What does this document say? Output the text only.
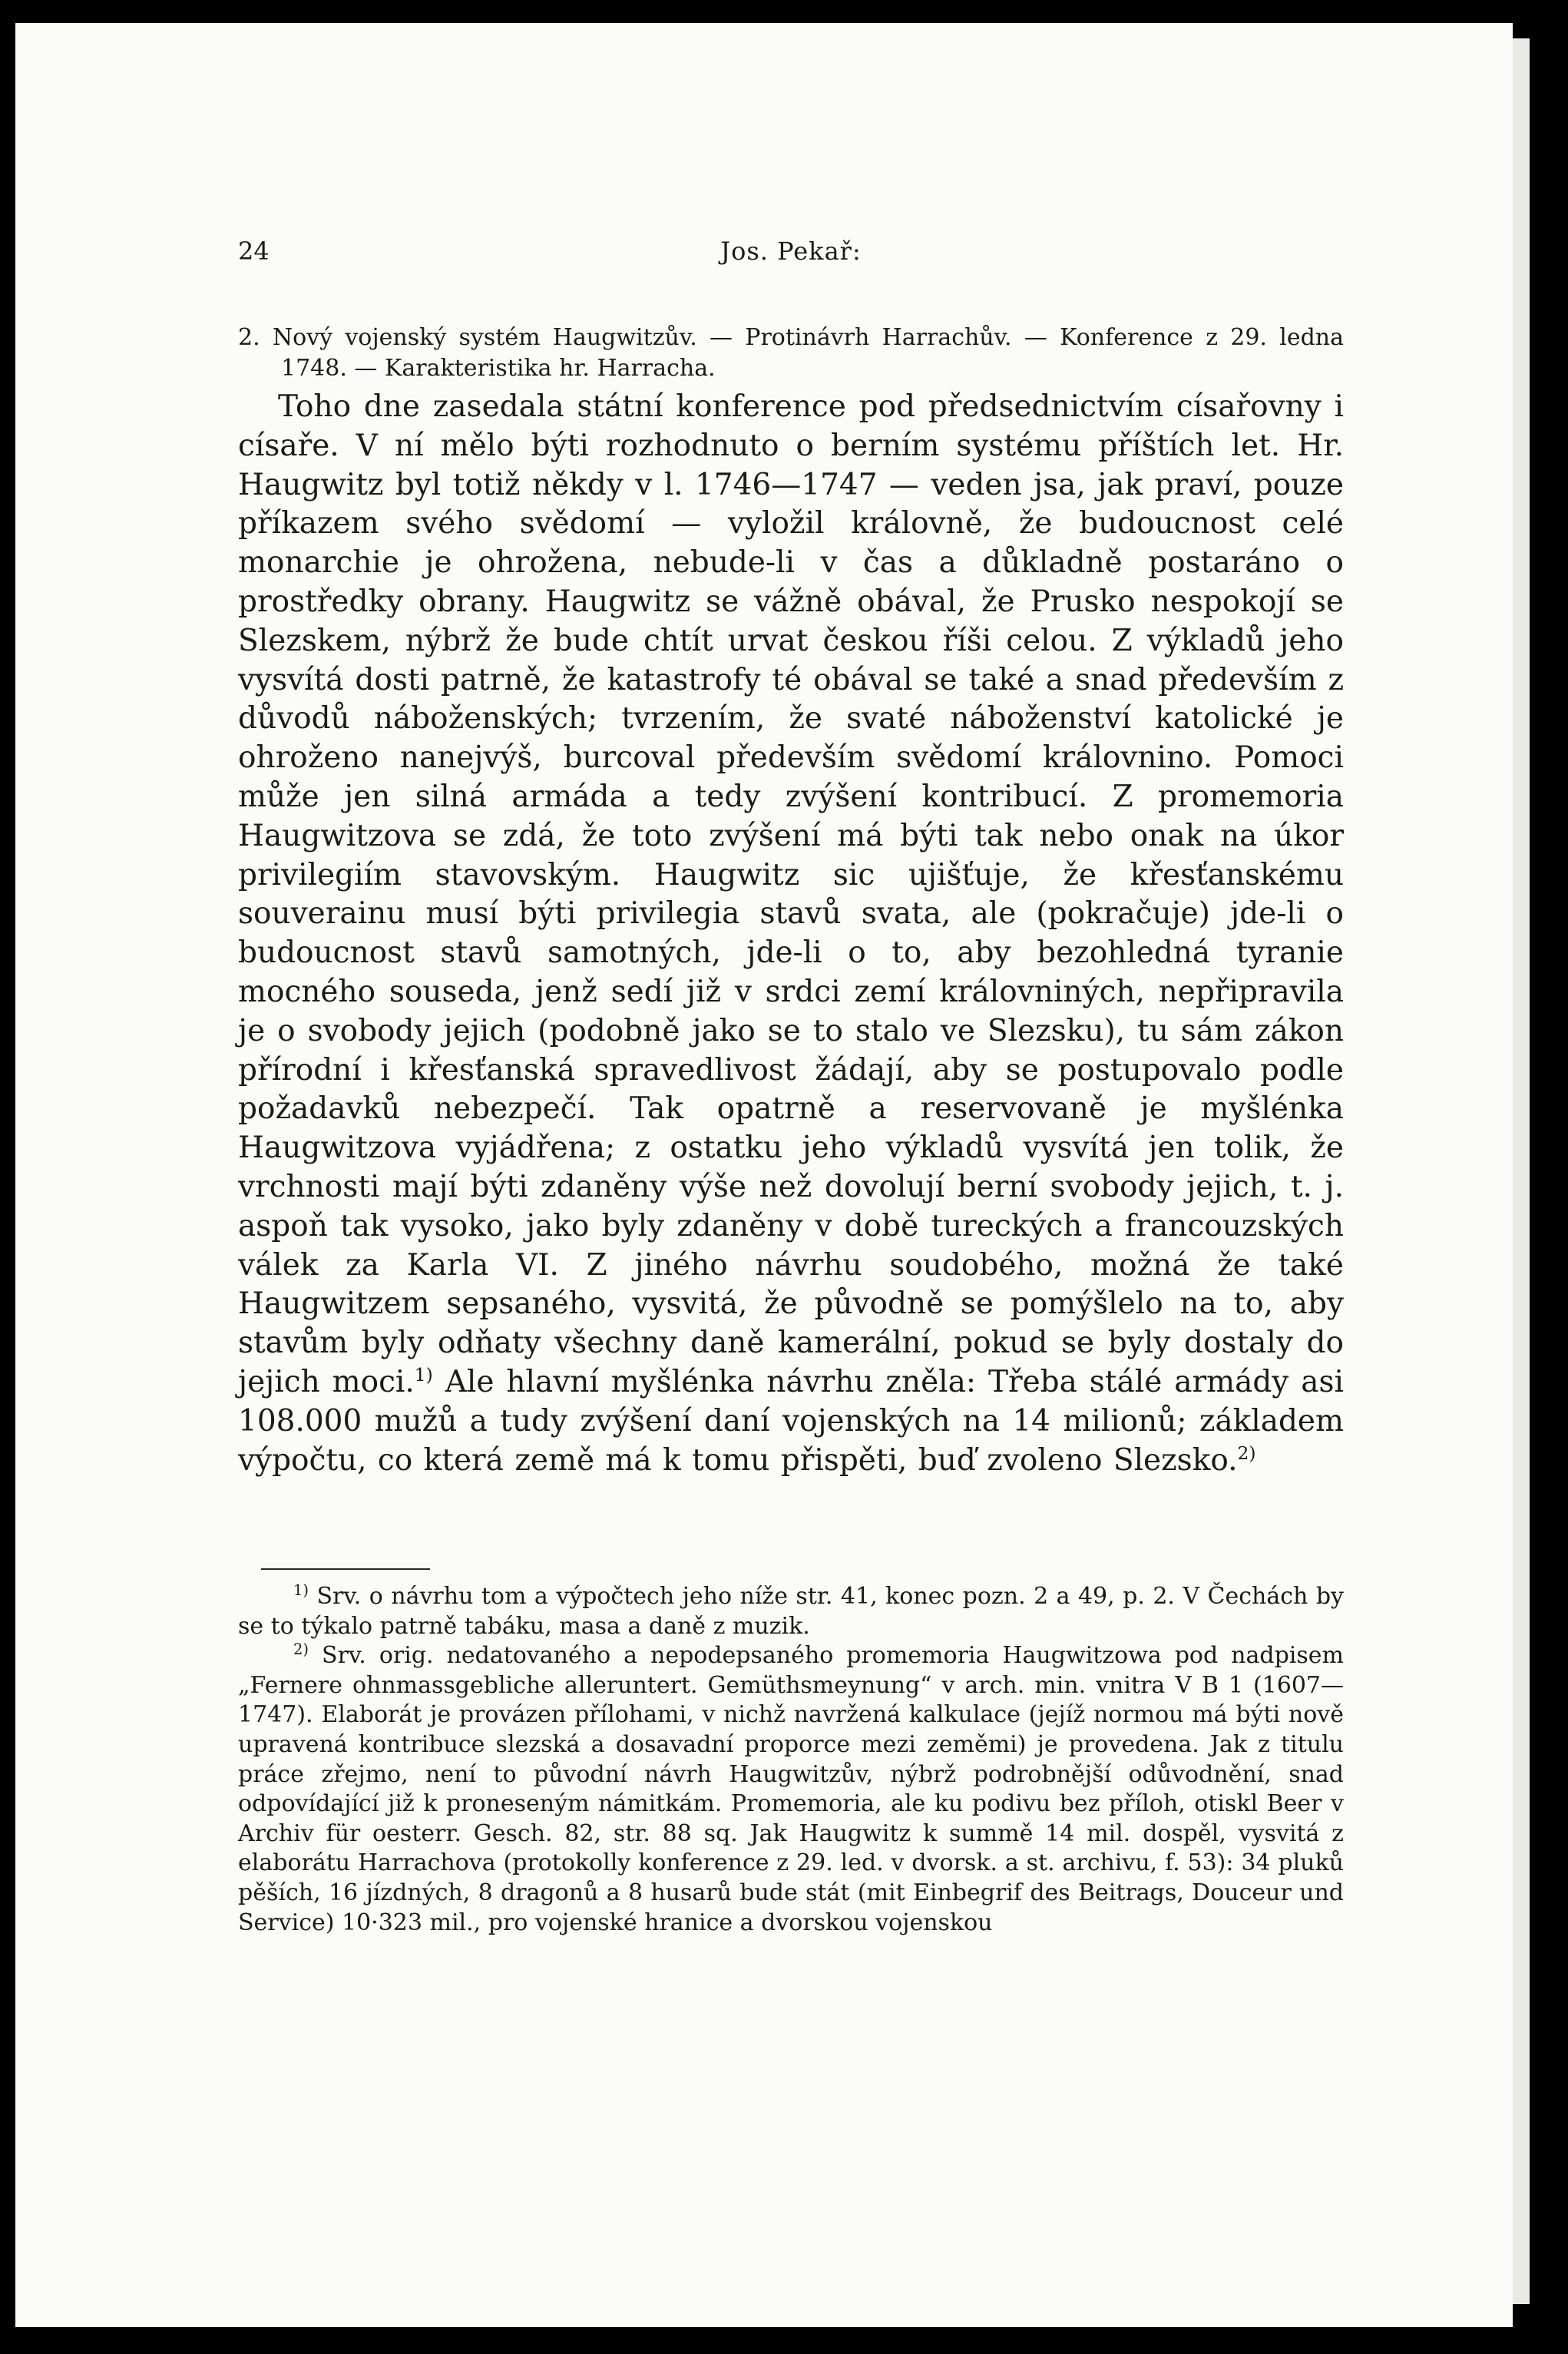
24	Jos. Pekař:
2. Nový vojenský systém Haugwitzův. — Protinávrh Harrachův. — Konference z 29. ledna 1748. — Karakteristika hr. Harracha.
Toho dne zasedala státní konference pod předsednictvím císařovny i císaře. V ní mělo býti rozhodnuto o berním systému příštích let. Hr. Haugwitz byl totiž někdy v l. 1746—1747 — veden jsa, jak praví, pouze příkazem svého svědomí — vyložil královně, že budoucnost celé monarchie je ohrožena, nebude-li v čas a důkladně postaráno o prostředky obrany. Haugwitz se vážně obával, že Prusko nespokojí se Slezskem, nýbrž že bude chtít urvat českou říši celou. Z výkladů jeho vysvítá dosti patrně, že katastrofy té obával se také a snad především z důvodů náboženských; tvrzením, že svaté náboženství katolické je ohroženo nanejvýš, burcoval především svědomí královnino. Pomoci může jen silná armáda a tedy zvýšení kontribucí. Z promemoria Haugwitzova se zdá, že toto zvýšení má býti tak nebo onak na úkor privilegiím stavovským. Haugwitz sic ujišťuje, že křesťanskému souverainu musí býti privilegia stavů svata, ale (pokračuje) jde-li o budoucnost stavů samotných, jde-li o to, aby bezohledná tyranie mocného souseda, jenž sedí již v srdci zemí královniných, nepřipravila je o svobody jejich (podobně jako se to stalo ve Slezsku), tu sám zákon přírodní i křesťanská spravedlivost žádají, aby se postupovalo podle požadavků nebezpečí. Tak opatrně a reservovaně je myšlénka Haugwitzova vyjádřena; z ostatku jeho výkladů vysvítá jen tolik, že vrchnosti mají býti zdaněny výše než dovolují berní svobody jejich, t. j. aspoň tak vysoko, jako byly zdaněny v době tureckých a francouzských válek za Karla VI. Z jiného návrhu soudobého, možná že také Haugwitzem sepsaného, vysvitá, že původně se pomýšlelo na to, aby stavům byly odňaty všechny daně kamerální, pokud se byly dostaly do jejich moci.$^{1)}$ Ale hlavní myšlénka návrhu zněla: Třeba stálé armády asi 108.000 mužů a tudy zvýšení daní vojenských na 14 milionů; základem výpočtu, co která země má k tomu přispěti, buď zvoleno Slezsko.$^{2)}$

$^{1)}$ Srv. o návrhu tom a výpočtech jeho níže str. 41, konec pozn. 2 a 49, p. 2. V Čechách by se to týkalo patrně tabáku, masa a daně z muzik.

$^{2)}$ Srv. orig. nedatovaného a nepodepsaného promemoria Haugwitzowa pod nadpisem „Fernere ohnmassgebliche alleruntert. Gemüthsmeynung“ v arch. min. vnitra V B 1 (1607—1747). Elaborát je provázen přílohami, v nichž navržená kalkulace (jejíž normou má býti nově upravená kontribuce slezská a dosavadní proporce mezi zeměmi) je provedena. Jak z titulu práce zřejmo, není to původní návrh Haugwitzův, nýbrž podrobnější odůvodnění, snad odpovídající již k proneseným námitkám. Promemoria, ale ku podivu bez příloh, otiskl Beer v Archiv für oesterr. Gesch. 82, str. 88 sq. Jak Haugwitz k summě 14 mil. dospěl, vysvitá z elaborátu Harrachova (protokolly konference z 29. led. v dvorsk. a st. archivu, f. 53): 34 pluků pěších, 16 jízdných, 8 dragonů a 8 husarů bude stát (mit Einbegrif des Beitrags, Douceur und Service) 10·323 mil., pro vojenské hranice a dvorskou vojenskou
